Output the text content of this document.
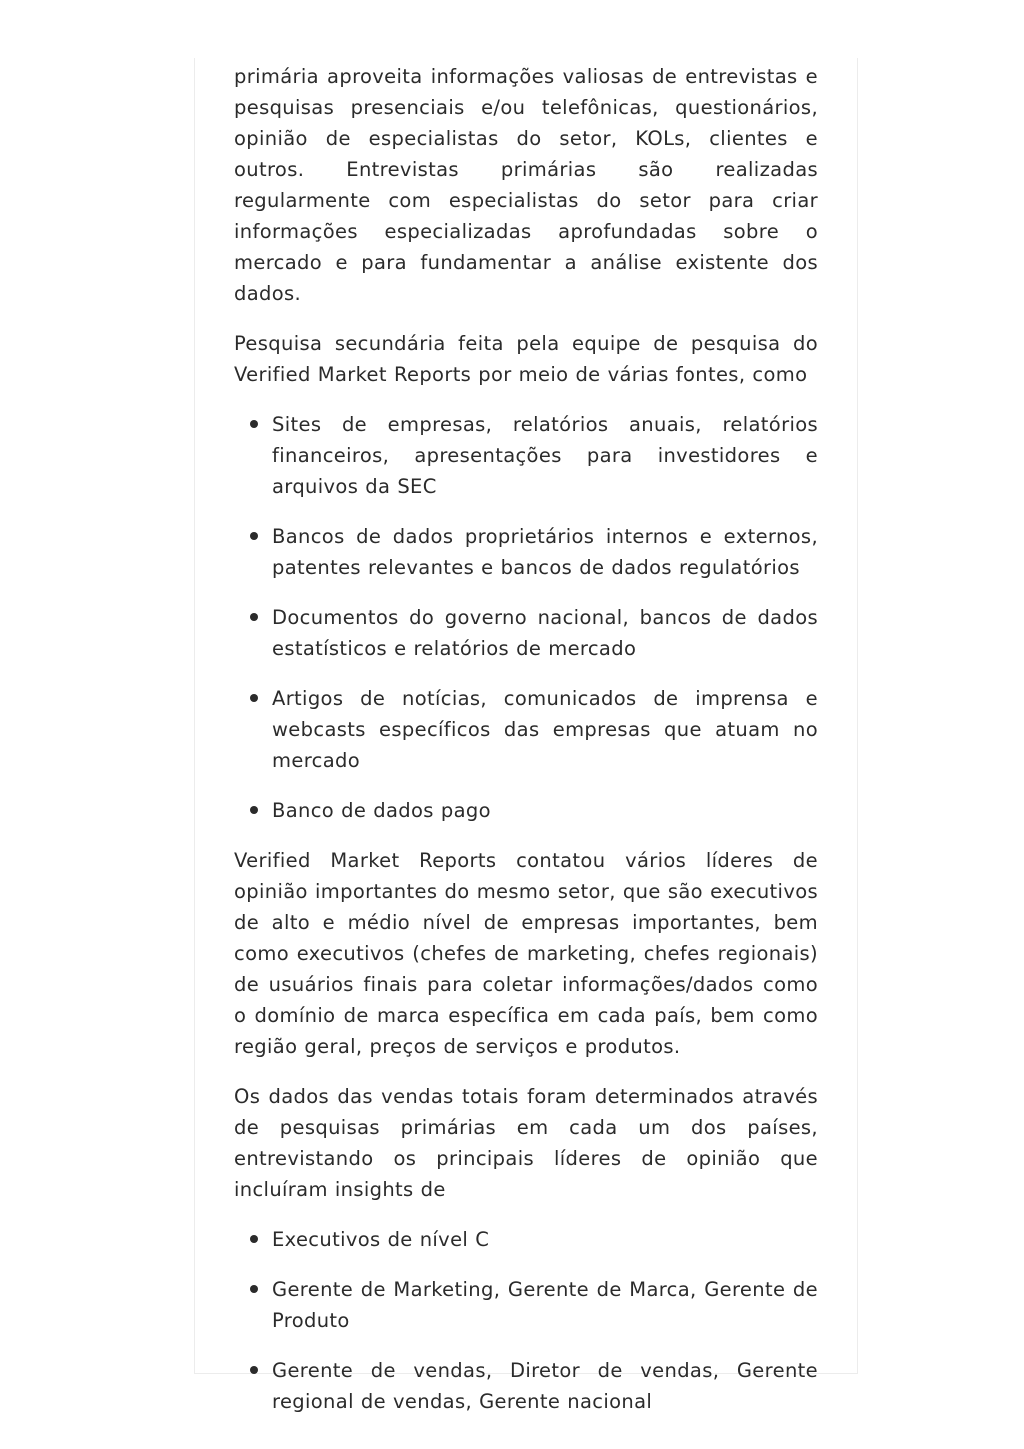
primária aproveita informações valiosas de entrevistas e pesquisas presenciais e/ou telefônicas, questionários, opinião de especialistas do setor, KOLs, clientes e outros. Entrevistas primárias são realizadas regularmente com especialistas do setor para criar informações especializadas aprofundadas sobre o mercado e para fundamentar a análise existente dos dados.

Pesquisa secundária feita pela equipe de pesquisa do Verified Market Reports por meio de várias fontes, como

Sites de empresas, relatórios anuais, relatórios financeiros, apresentações para investidores e arquivos da SEC
Bancos de dados proprietários internos e externos, patentes relevantes e bancos de dados regulatórios
Documentos do governo nacional, bancos de dados estatísticos e relatórios de mercado
Artigos de notícias, comunicados de imprensa e webcasts específicos das empresas que atuam no mercado
Banco de dados pago

Verified Market Reports contatou vários líderes de opinião importantes do mesmo setor, que são executivos de alto e médio nível de empresas importantes, bem como executivos (chefes de marketing, chefes regionais) de usuários finais para coletar informações/dados como o domínio de marca específica em cada país, bem como região geral, preços de serviços e produtos.

Os dados das vendas totais foram determinados através de pesquisas primárias em cada um dos países, entrevistando os principais líderes de opinião que incluíram insights de

Executivos de nível C
Gerente de Marketing, Gerente de Marca, Gerente de Produto
Gerente de vendas, Diretor de vendas, Gerente regional de vendas, Gerente nacional
